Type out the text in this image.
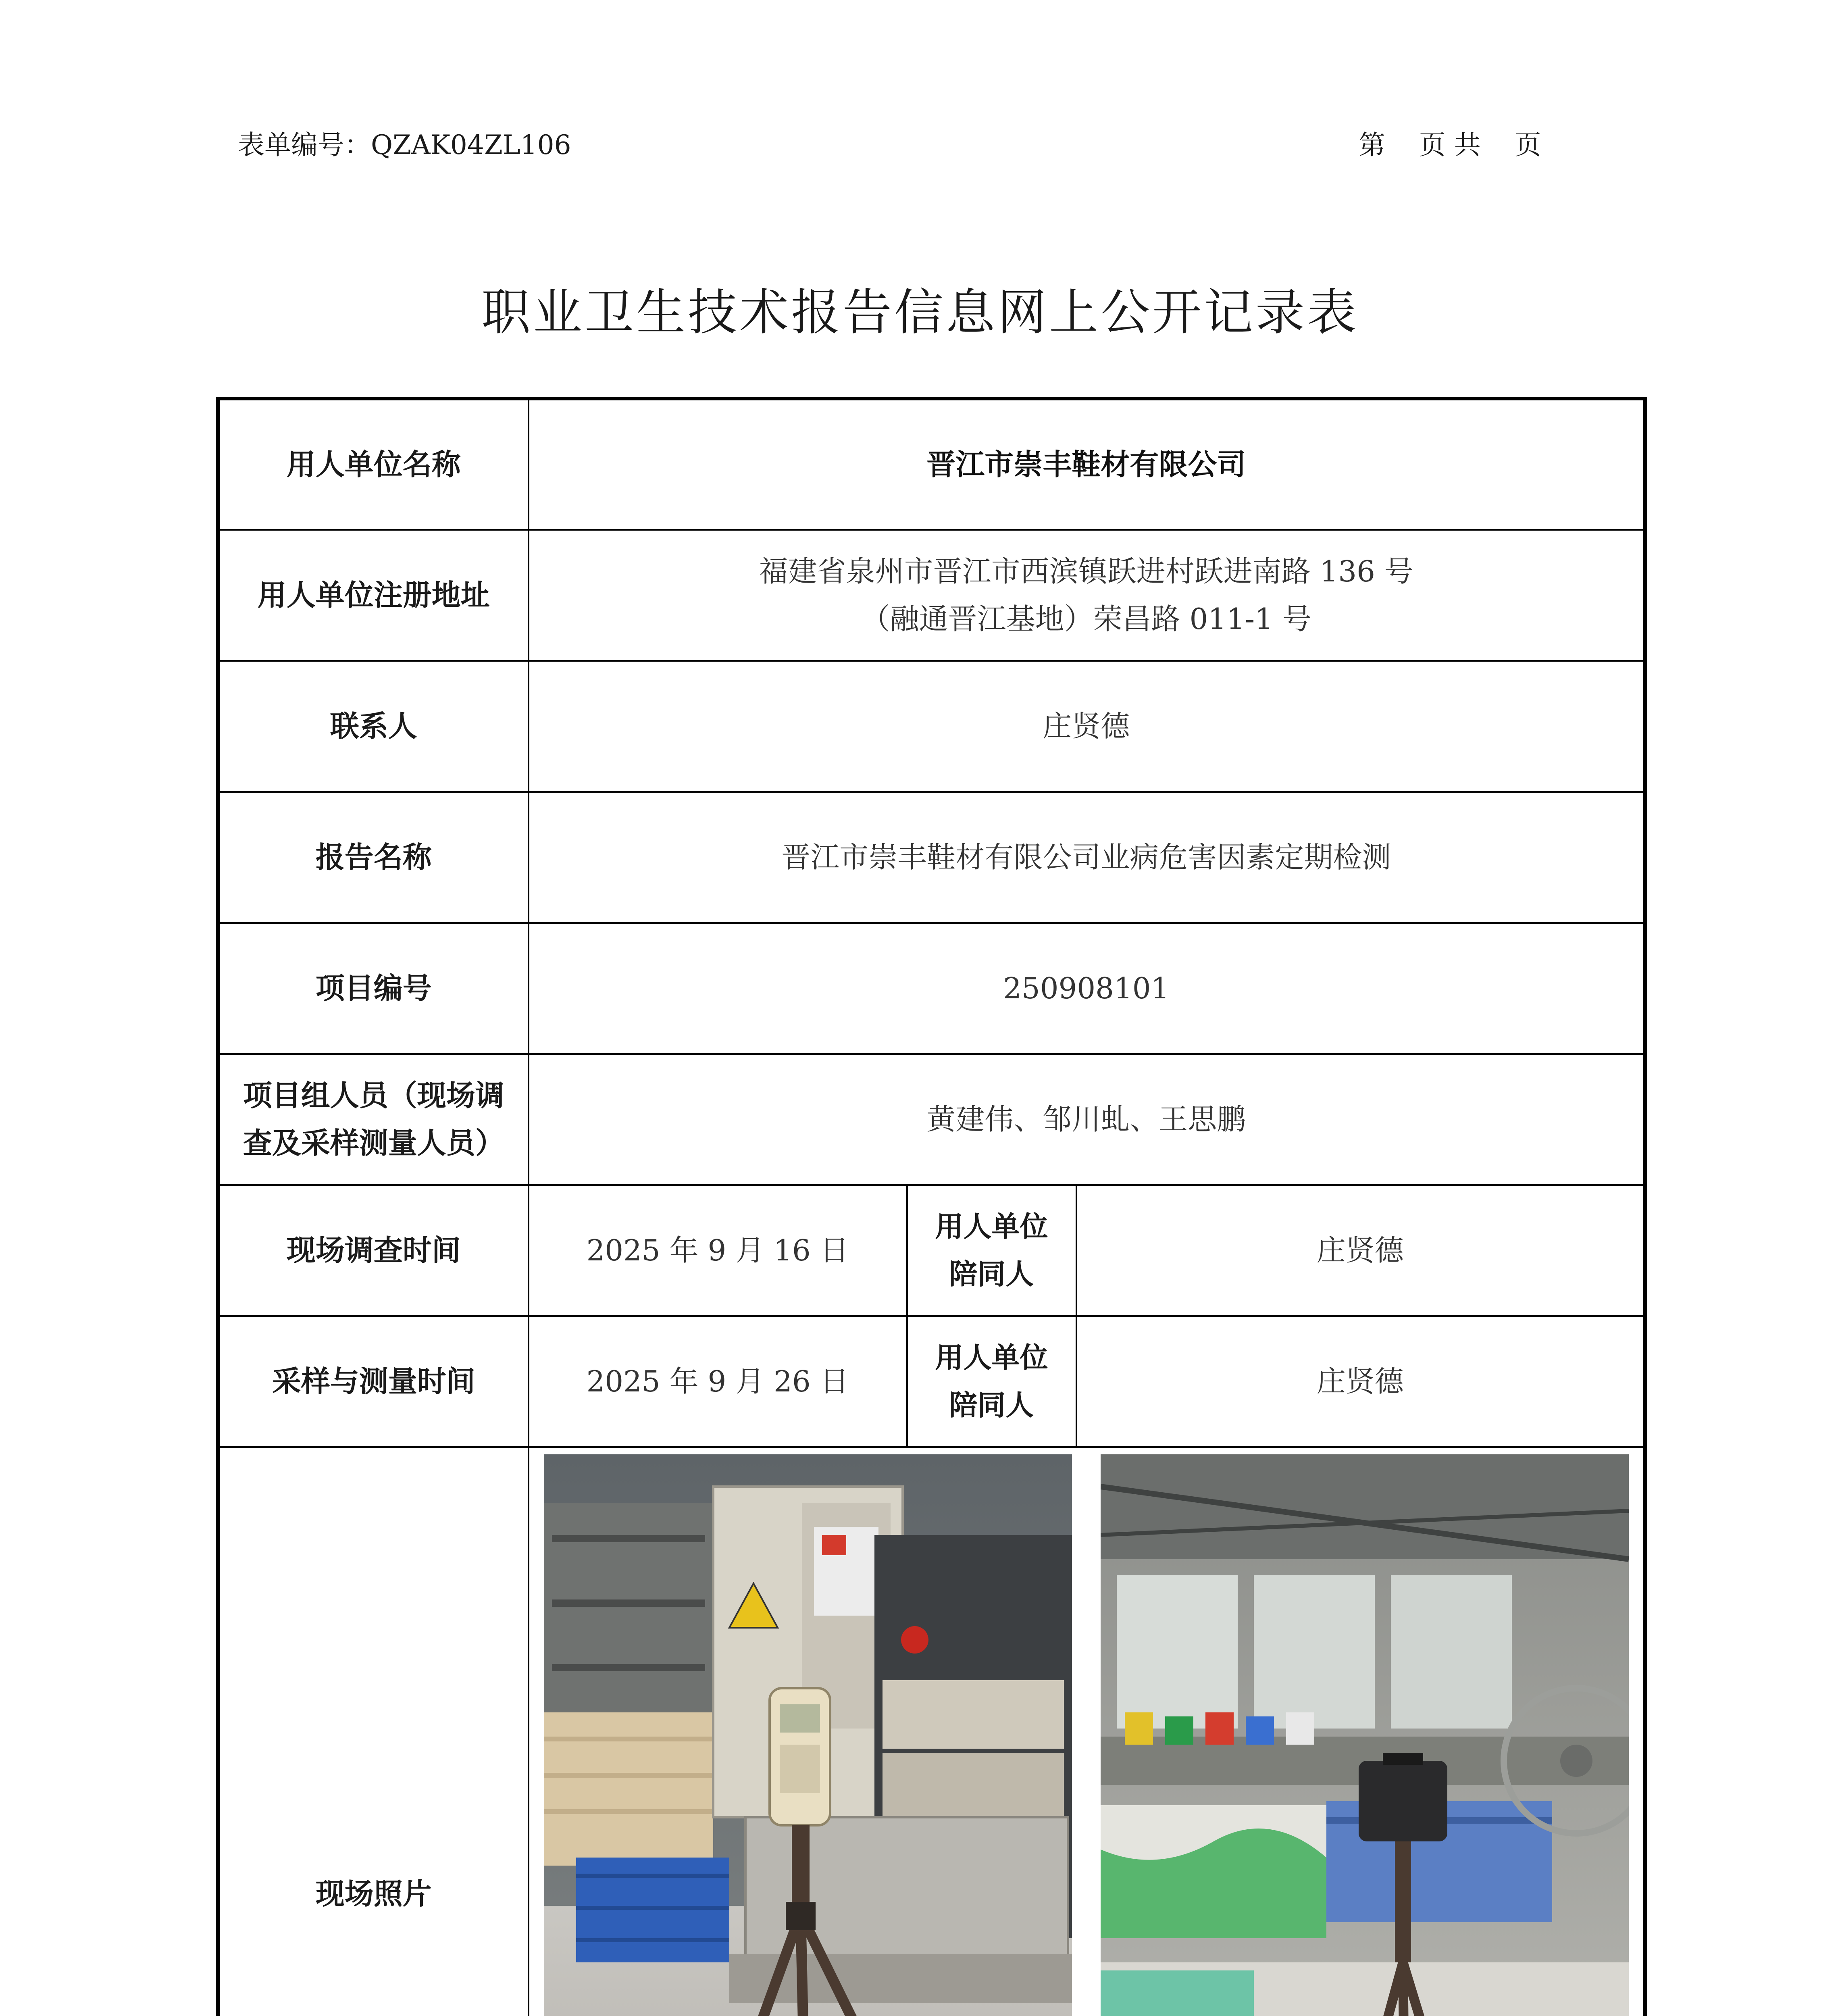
表单编号：QZAK04ZL106	第    页 共    页
职业卫生技术报告信息网上公开记录表
用人单位名称	晋江市崇丰鞋材有限公司		
用人单位注册地址	福建省泉州市晋江市西滨镇跃进村跃进南路 136 号
（融通晋江基地）荣昌路 011-1 号		

联系人	庄贤德		
报告名称	晋江市崇丰鞋材有限公司业病危害因素定期检测		
项目编号	250908101		

项目组人员（现场调
查及采样测量人员）	黄建伟、邹川虬、王思鹏		
现场调查时间	2025 年 9 月 16 日	用人单位
陪同人	庄贤德
采样与测量时间	2025 年 9 月 26 日	用人单位
陪同人	庄贤德
现场照片	
